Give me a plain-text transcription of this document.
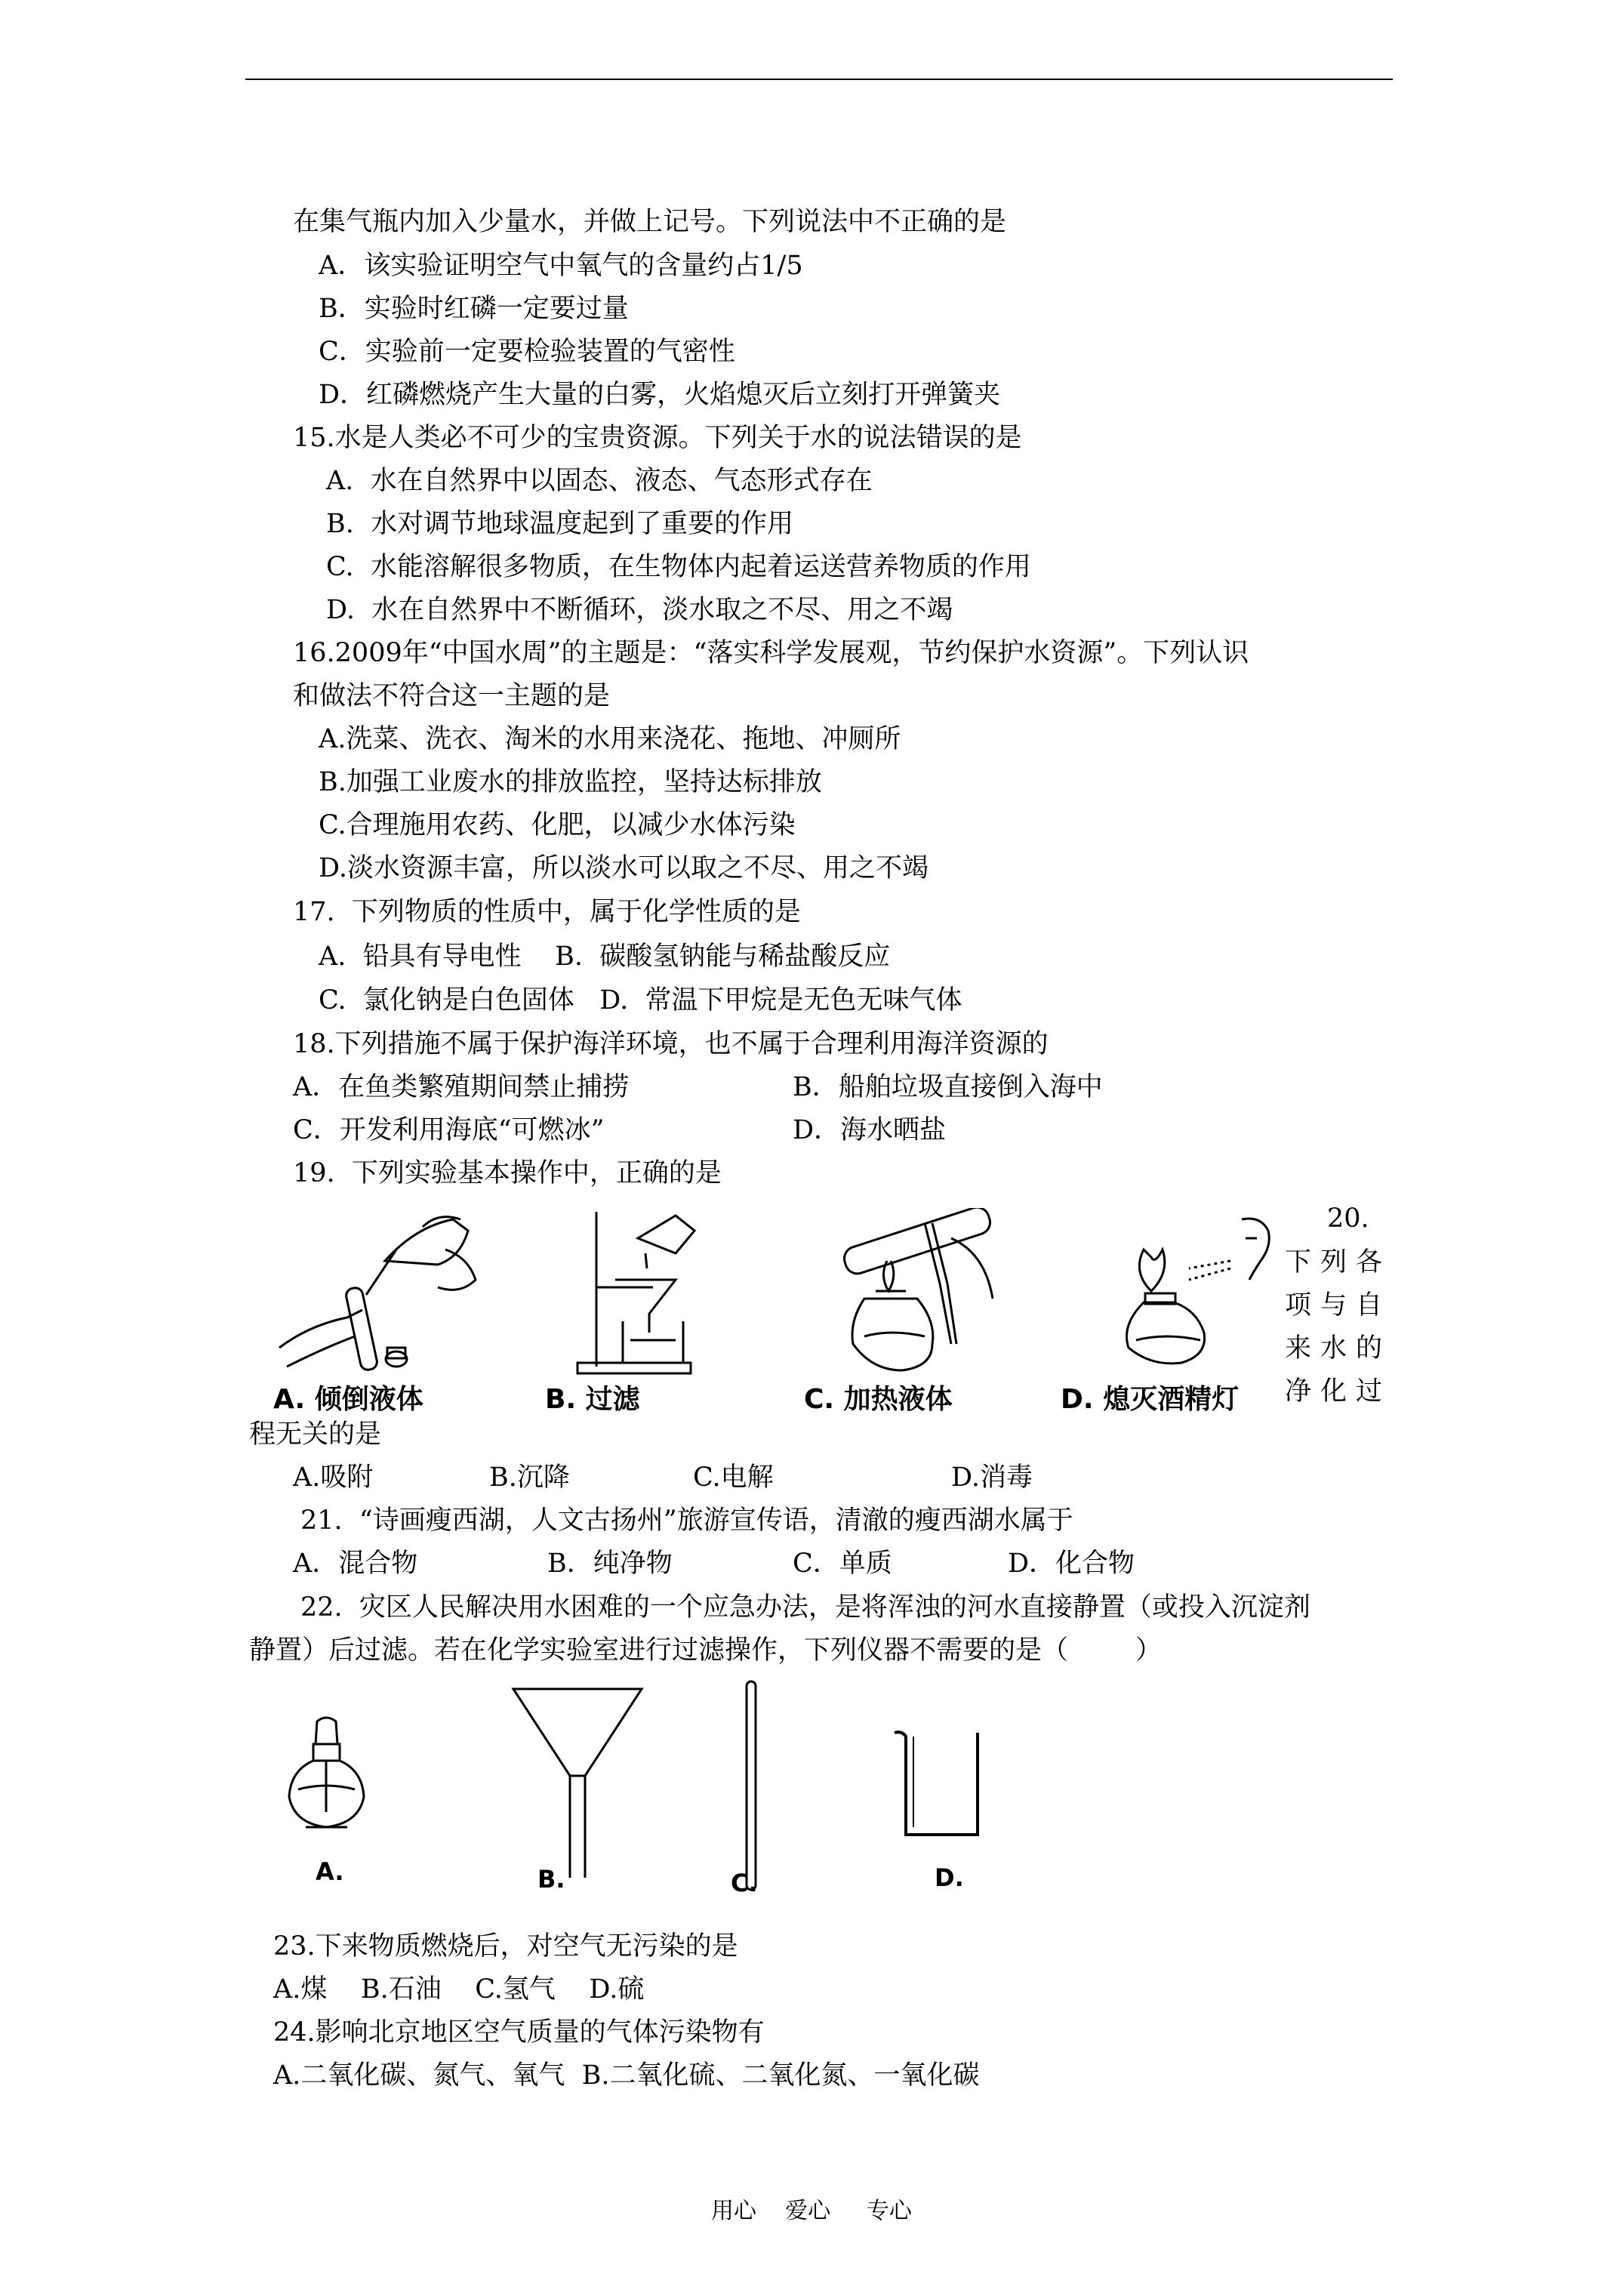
在集气瓶内加入少量水，并做上记号。下列说法中不正确的是
A．该实验证明空气中氧气的含量约占1/5
B．实验时红磷一定要过量
C．实验前一定要检验装置的气密性
D．红磷燃烧产生大量的白雾，火焰熄灭后立刻打开弹簧夹
15.水是人类必不可少的宝贵资源。下列关于水的说法错误的是
A.  水在自然界中以固态、液态、气态形式存在
B.  水对调节地球温度起到了重要的作用
C.  水能溶解很多物质，在生物体内起着运送营养物质的作用
D.  水在自然界中不断循环，淡水取之不尽、用之不竭
16.2009年“中国水周”的主题是：“落实科学发展观，节约保护水资源”。下列认识
和做法不符合这一主题的是
A.洗菜、洗衣、淘米的水用来浇花、拖地、冲厕所
B.加强工业废水的排放监控，坚持达标排放
C.合理施用农药、化肥，以减少水体污染
D.淡水资源丰富，所以淡水可以取之不尽、用之不竭
17.  下列物质的性质中，属于化学性质的是
A.  铅具有导电性    B.  碳酸氢钠能与稀盐酸反应
C.  氯化钠是白色固体   D.  常温下甲烷是无色无味气体
18.下列措施不属于保护海洋环境，也不属于合理利用海洋资源的
A．在鱼类繁殖期间禁止捕捞	B．船舶垃圾直接倒入海中
C．开发利用海底“可燃冰”	D．海水晒盐
19.  下列实验基本操作中，正确的是
A. 倾倒液体	B. 过滤	C. 加热液体	D. 熄灭酒精灯
20.
下列各
项与自
来水的
净化过
程无关的是
A.吸附	B.沉降	C.电解	D.消毒
21.  “诗画瘦西湖，人文古扬州”旅游宣传语，清澈的瘦西湖水属于
A．混合物	B．纯净物	C．单质	D．化合物
22.  灾区人民解决用水困难的一个应急办法，是将浑浊的河水直接静置（或投入沉淀剂
静置）后过滤。若在化学实验室进行过滤操作，下列仪器不需要的是（        ）
A.	B.	C.	D.
23.下来物质燃烧后，对空气无污染的是
A.煤    B.石油    C.氢气    D.硫
24.影响北京地区空气质量的气体污染物有
A.二氧化碳、氮气、氧气  B.二氧化硫、二氧化氮、一氧化碳
用心    爱心     专心
